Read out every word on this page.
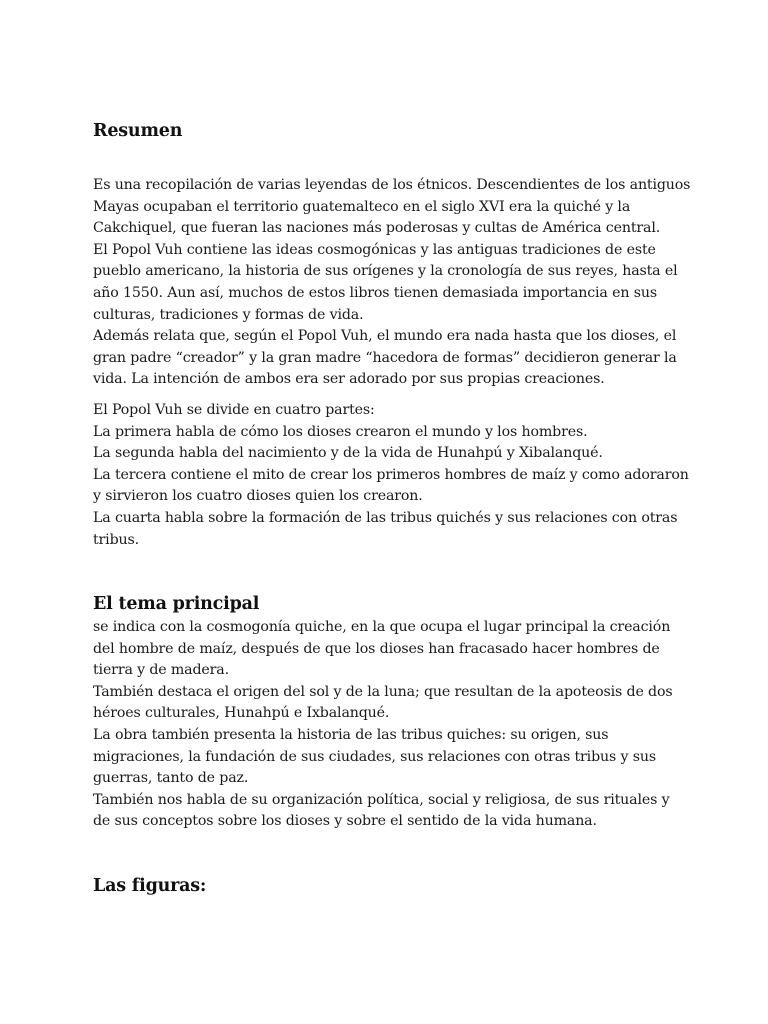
Resumen
Es una recopilación de varias leyendas de los étnicos. Descendientes de los antiguos
Mayas ocupaban el territorio guatemalteco en el siglo XVI era la quiché y la
Cakchiquel, que fueran las naciones más poderosas y cultas de América central.
El Popol Vuh contiene las ideas cosmogónicas y las antiguas tradiciones de este
pueblo americano, la historia de sus orígenes y la cronología de sus reyes, hasta el
año 1550. Aun así, muchos de estos libros tienen demasiada importancia en sus
culturas, tradiciones y formas de vida.
Además relata que, según el Popol Vuh, el mundo era nada hasta que los dioses, el
gran padre “creador” y la gran madre “hacedora de formas” decidieron generar la
vida. La intención de ambos era ser adorado por sus propias creaciones.
El Popol Vuh se divide en cuatro partes:
La primera habla de cómo los dioses crearon el mundo y los hombres.
La segunda habla del nacimiento y de la vida de Hunahpú y Xibalanqué.
La tercera contiene el mito de crear los primeros hombres de maíz y como adoraron
y sirvieron los cuatro dioses quien los crearon.
La cuarta habla sobre la formación de las tribus quichés y sus relaciones con otras
tribus.
El tema principal
se indica con la cosmogonía quiche, en la que ocupa el lugar principal la creación
del hombre de maíz, después de que los dioses han fracasado hacer hombres de
tierra y de madera.
También destaca el origen del sol y de la luna; que resultan de la apoteosis de dos
héroes culturales, Hunahpú e Ixbalanqué.
La obra también presenta la historia de las tribus quiches: su origen, sus
migraciones, la fundación de sus ciudades, sus relaciones con otras tribus y sus
guerras, tanto de paz.
También nos habla de su organización política, social y religiosa, de sus rituales y
de sus conceptos sobre los dioses y sobre el sentido de la vida humana.
Las figuras:
